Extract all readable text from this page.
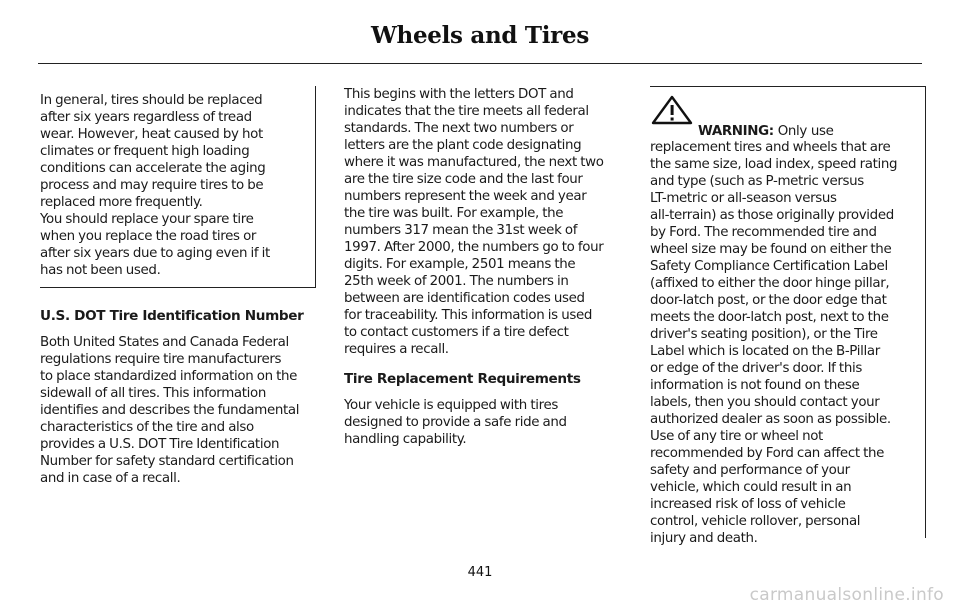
Wheels and Tires

In general, tires should be replaced
after six years regardless of tread
wear. However, heat caused by hot
climates or frequent high loading
conditions can accelerate the aging
process and may require tires to be
replaced more frequently.
You should replace your spare tire
when you replace the road tires or
after six years due to aging even if it
has not been used.

U.S. DOT Tire Identification Number

Both United States and Canada Federal
regulations require tire manufacturers
to place standardized information on the
sidewall of all tires. This information
identifies and describes the fundamental
characteristics of the tire and also
provides a U.S. DOT Tire Identification
Number for safety standard certification
and in case of a recall.

This begins with the letters DOT and
indicates that the tire meets all federal
standards. The next two numbers or
letters are the plant code designating
where it was manufactured, the next two
are the tire size code and the last four
numbers represent the week and year
the tire was built. For example, the
numbers 317 mean the 31st week of
1997. After 2000, the numbers go to four
digits. For example, 2501 means the
25th week of 2001. The numbers in
between are identification codes used
for traceability. This information is used
to contact customers if a tire defect
requires a recall.

Tire Replacement Requirements

Your vehicle is equipped with tires
designed to provide a safe ride and
handling capability.

WARNING: Only use

replacement tires and wheels that are
the same size, load index, speed rating
and type (such as P-metric versus
LT-metric or all-season versus
all-terrain) as those originally provided
by Ford. The recommended tire and
wheel size may be found on either the
Safety Compliance Certification Label
(affixed to either the door hinge pillar,
door-latch post, or the door edge that
meets the door-latch post, next to the
driver's seating position), or the Tire
Label which is located on the B-Pillar
or edge of the driver's door. If this
information is not found on these
labels, then you should contact your
authorized dealer as soon as possible.
Use of any tire or wheel not
recommended by Ford can affect the
safety and performance of your
vehicle, which could result in an
increased risk of loss of vehicle
control, vehicle rollover, personal
injury and death.

441
carmanualsonline.info
